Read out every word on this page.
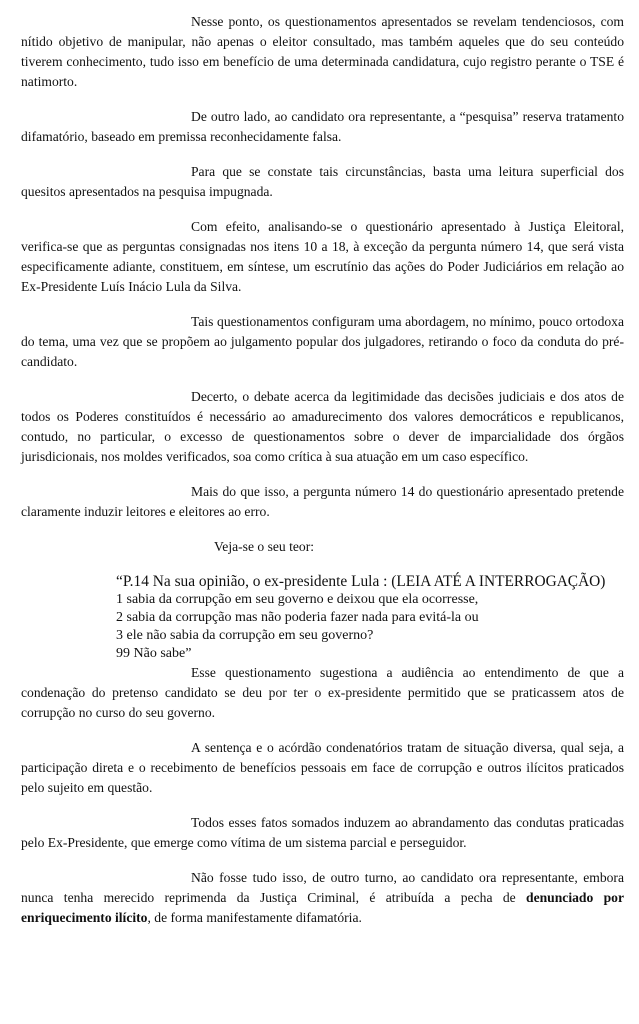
Nesse ponto, os questionamentos apresentados se revelam tendenciosos, com nítido objetivo de manipular, não apenas o eleitor consultado, mas também aqueles que do seu conteúdo tiverem conhecimento, tudo isso em benefício de uma determinada candidatura, cujo registro perante o TSE é natimorto.

De outro lado, ao candidato ora representante, a “pesquisa” reserva tratamento difamatório, baseado em premissa reconhecidamente falsa.

Para que se constate tais circunstâncias, basta uma leitura superficial dos quesitos apresentados na pesquisa impugnada.

Com efeito, analisando-se o questionário apresentado à Justiça Eleitoral, verifica-se que as perguntas consignadas nos itens 10 a 18, à exceção da pergunta número 14, que será vista especificamente adiante, constituem, em síntese, um escrutínio das ações do Poder Judiciários em relação ao Ex-Presidente Luís Inácio Lula da Silva.

Tais questionamentos configuram uma abordagem, no mínimo, pouco ortodoxa do tema, uma vez que se propõem ao julgamento popular dos julgadores, retirando o foco da conduta do pré-candidato.

Decerto, o debate acerca da legitimidade das decisões judiciais e dos atos de todos os Poderes constituídos é necessário ao amadurecimento dos valores democráticos e republicanos, contudo, no particular, o excesso de questionamentos sobre o dever de imparcialidade dos órgãos jurisdicionais, nos moldes verificados, soa como crítica à sua atuação em um caso específico.

Mais do que isso, a pergunta número 14 do questionário apresentado pretende claramente induzir leitores e eleitores ao erro.

Veja-se o seu teor:

“P.14 Na sua opinião, o ex-presidente Lula : (LEIA ATÉ A INTERROGAÇÃO)
1 sabia da corrupção em seu governo e deixou que ela ocorresse,
2 sabia da corrupção mas não poderia fazer nada para evitá-la ou
3 ele não sabia da corrupção em seu governo?
99 Não sabe”

Esse questionamento sugestiona a audiência ao entendimento de que a condenação do pretenso candidato se deu por ter o ex-presidente permitido que se praticassem atos de corrupção no curso do seu governo.

A sentença e o acórdão condenatórios tratam de situação diversa, qual seja, a participação direta e o recebimento de benefícios pessoais em face de corrupção e outros ilícitos praticados pelo sujeito em questão.

Todos esses fatos somados induzem ao abrandamento das condutas praticadas pelo Ex-Presidente, que emerge como vítima de um sistema parcial e perseguidor.

Não fosse tudo isso, de outro turno, ao candidato ora representante, embora nunca tenha merecido reprimenda da Justiça Criminal, é atribuída a pecha de denunciado por enriquecimento ilícito, de forma manifestamente difamatória.
